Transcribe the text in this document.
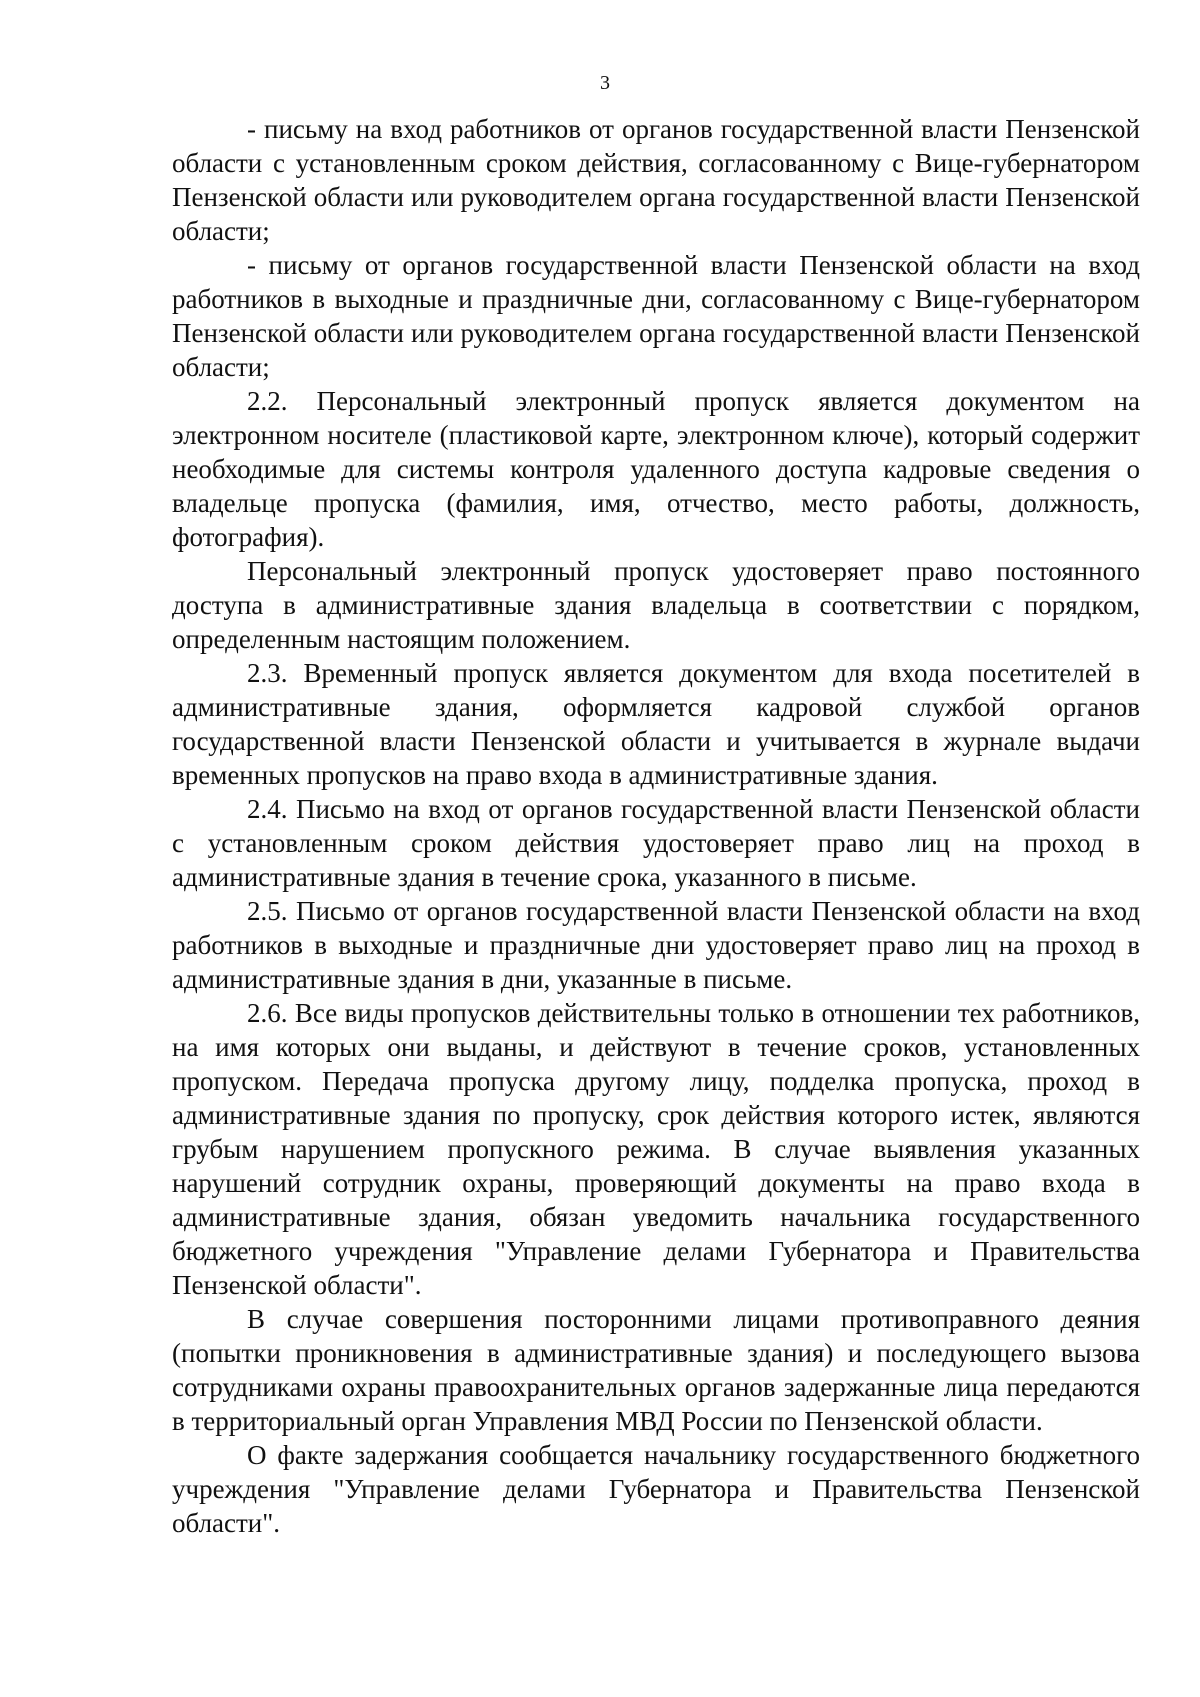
3

- письму на вход работников от органов государственной власти Пензенской области с установленным сроком действия, согласованному с Вице-губернатором Пензенской области или руководителем органа государственной власти Пензенской области;

- письму от органов государственной власти Пензенской области на вход работников в выходные и праздничные дни, согласованному с Вице-губернатором Пензенской области или руководителем органа государственной власти Пензенской области;

2.2. Персональный электронный пропуск является документом на электронном носителе (пластиковой карте, электронном ключе), который содержит необходимые для системы контроля удаленного доступа кадровые сведения о владельце пропуска (фамилия, имя, отчество, место работы, должность, фотография).

Персональный электронный пропуск удостоверяет право постоянного доступа в административные здания владельца в соответствии с порядком, определенным настоящим положением.

2.3. Временный пропуск является документом для входа посетителей в административные здания, оформляется кадровой службой органов государственной власти Пензенской области и учитывается в журнале выдачи временных пропусков на право входа в административные здания.

2.4. Письмо на вход от органов государственной власти Пензенской области с установленным сроком действия удостоверяет право лиц на проход в административные здания в течение срока, указанного в письме.

2.5. Письмо от органов государственной власти Пензенской области на вход работников в выходные и праздничные дни удостоверяет право лиц на проход в административные здания в дни, указанные в письме.

2.6. Все виды пропусков действительны только в отношении тех работников, на имя которых они выданы, и действуют в течение сроков, установленных пропуском. Передача пропуска другому лицу, подделка пропуска, проход в административные здания по пропуску, срок действия которого истек, являются грубым нарушением пропускного режима. В случае выявления указанных нарушений сотрудник охраны, проверяющий документы на право входа в административные здания, обязан уведомить начальника государственного бюджетного учреждения "Управление делами Губернатора и Правительства Пензенской области".

В случае совершения посторонними лицами противоправного деяния (попытки проникновения в административные здания) и последующего вызова сотрудниками охраны правоохранительных органов задержанные лица передаются в территориальный орган Управления МВД России по Пензенской области.

О факте задержания сообщается начальнику государственного бюджетного учреждения "Управление делами Губернатора и Правительства Пензенской области".
